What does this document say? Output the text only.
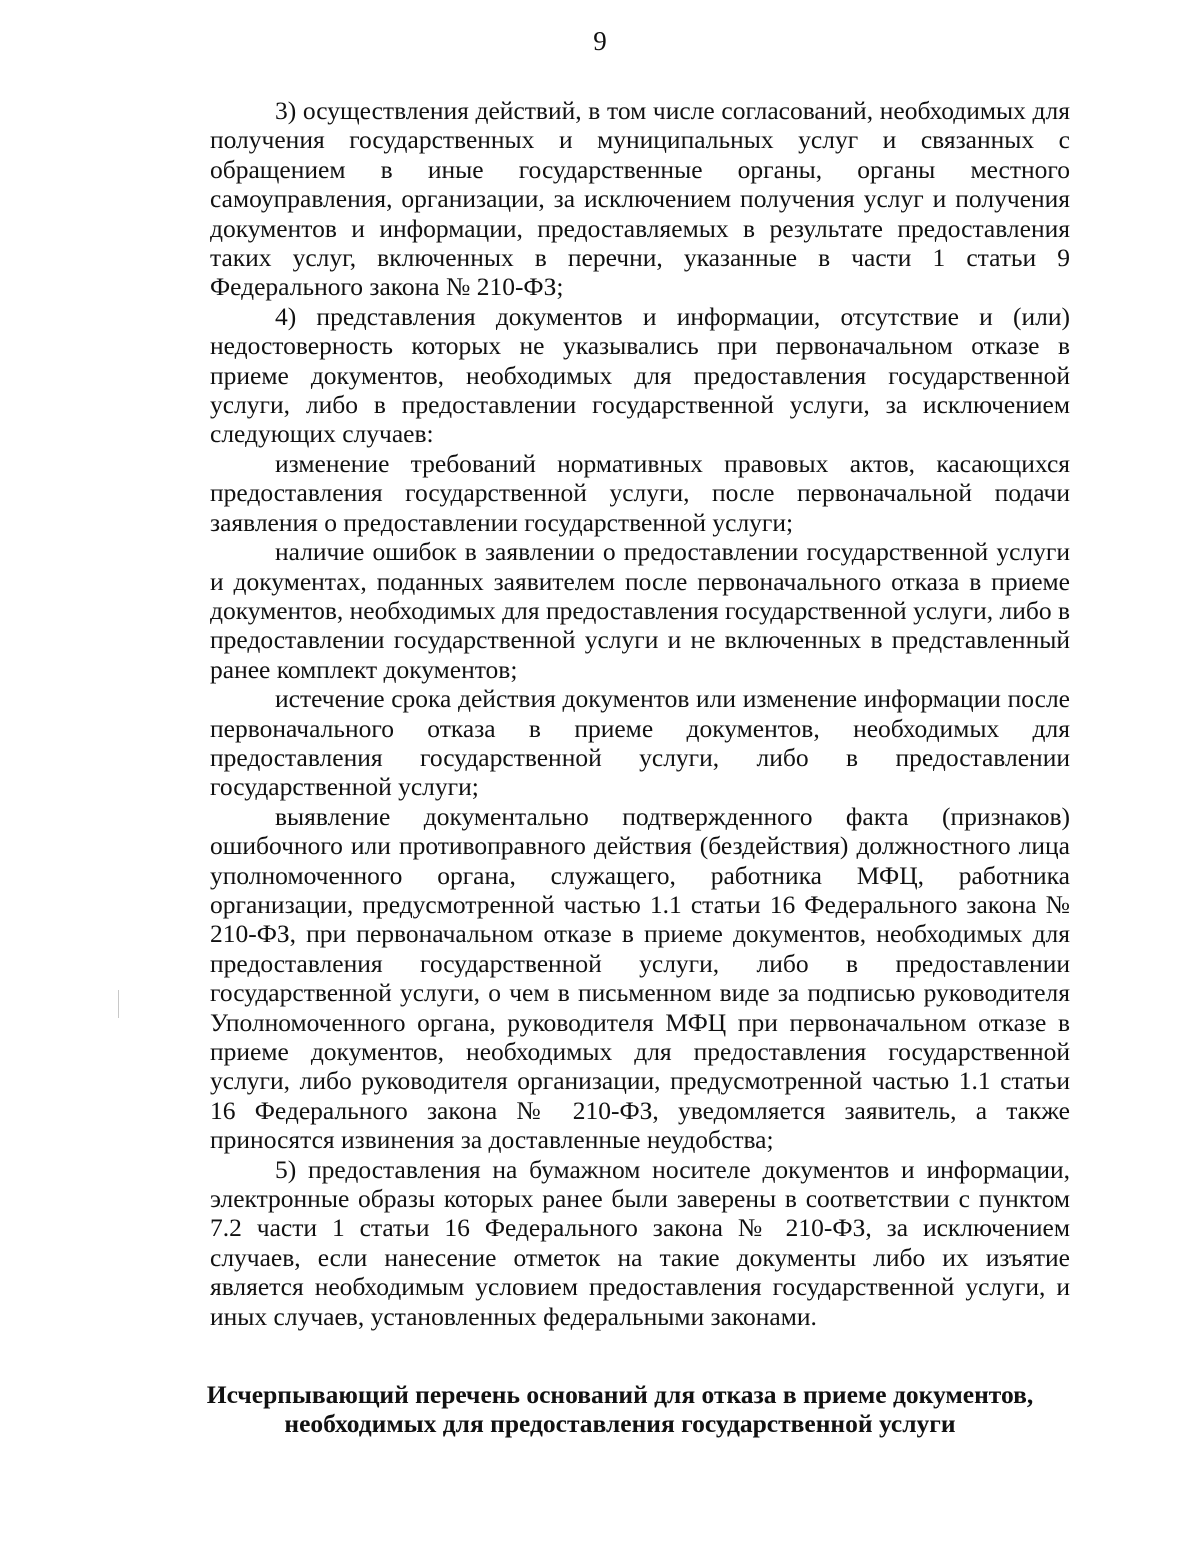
9

3) осуществления действий, в том числе согласований, необходимых для получения государственных и муниципальных услуг и связанных с обращением в иные государственные органы, органы местного самоуправления, организации, за исключением получения услуг и получения документов и информации, предоставляемых в результате предоставления таких услуг, включенных в перечни, указанные в части 1 статьи 9 Федерального закона № 210-ФЗ;

4) представления документов и информации, отсутствие и (или) недостоверность которых не указывались при первоначальном отказе в приеме документов, необходимых для предоставления государственной услуги, либо в предоставлении государственной услуги, за исключением следующих случаев:

изменение требований нормативных правовых актов, касающихся предоставления государственной услуги, после первоначальной подачи заявления о предоставлении государственной услуги;

наличие ошибок в заявлении о предоставлении государственной услуги и документах, поданных заявителем после первоначального отказа в приеме документов, необходимых для предоставления государственной услуги, либо в предоставлении государственной услуги и не включенных в представленный ранее комплект документов;

истечение срока действия документов или изменение информации после первоначального отказа в приеме документов, необходимых для предоставления государственной услуги, либо в предоставлении государственной услуги;

выявление документально подтвержденного факта (признаков) ошибочного или противоправного действия (бездействия) должностного лица уполномоченного органа, служащего, работника МФЦ, работника организации, предусмотренной частью 1.1 статьи 16 Федерального закона № 210-ФЗ, при первоначальном отказе в приеме документов, необходимых для предоставления государственной услуги, либо в предоставлении государственной услуги, о чем в письменном виде за подписью руководителя Уполномоченного органа, руководителя МФЦ при первоначальном отказе в приеме документов, необходимых для предоставления государственной услуги, либо руководителя организации, предусмотренной частью 1.1 статьи 16 Федерального закона № 210-ФЗ, уведомляется заявитель, а также приносятся извинения за доставленные неудобства;

5) предоставления на бумажном носителе документов и информации, электронные образы которых ранее были заверены в соответствии с пунктом 7.2 части 1 статьи 16 Федерального закона № 210-ФЗ, за исключением случаев, если нанесение отметок на такие документы либо их изъятие является необходимым условием предоставления государственной услуги, и иных случаев, установленных федеральными законами.

Исчерпывающий перечень оснований для отказа в приеме документов,
необходимых для предоставления государственной услуги
